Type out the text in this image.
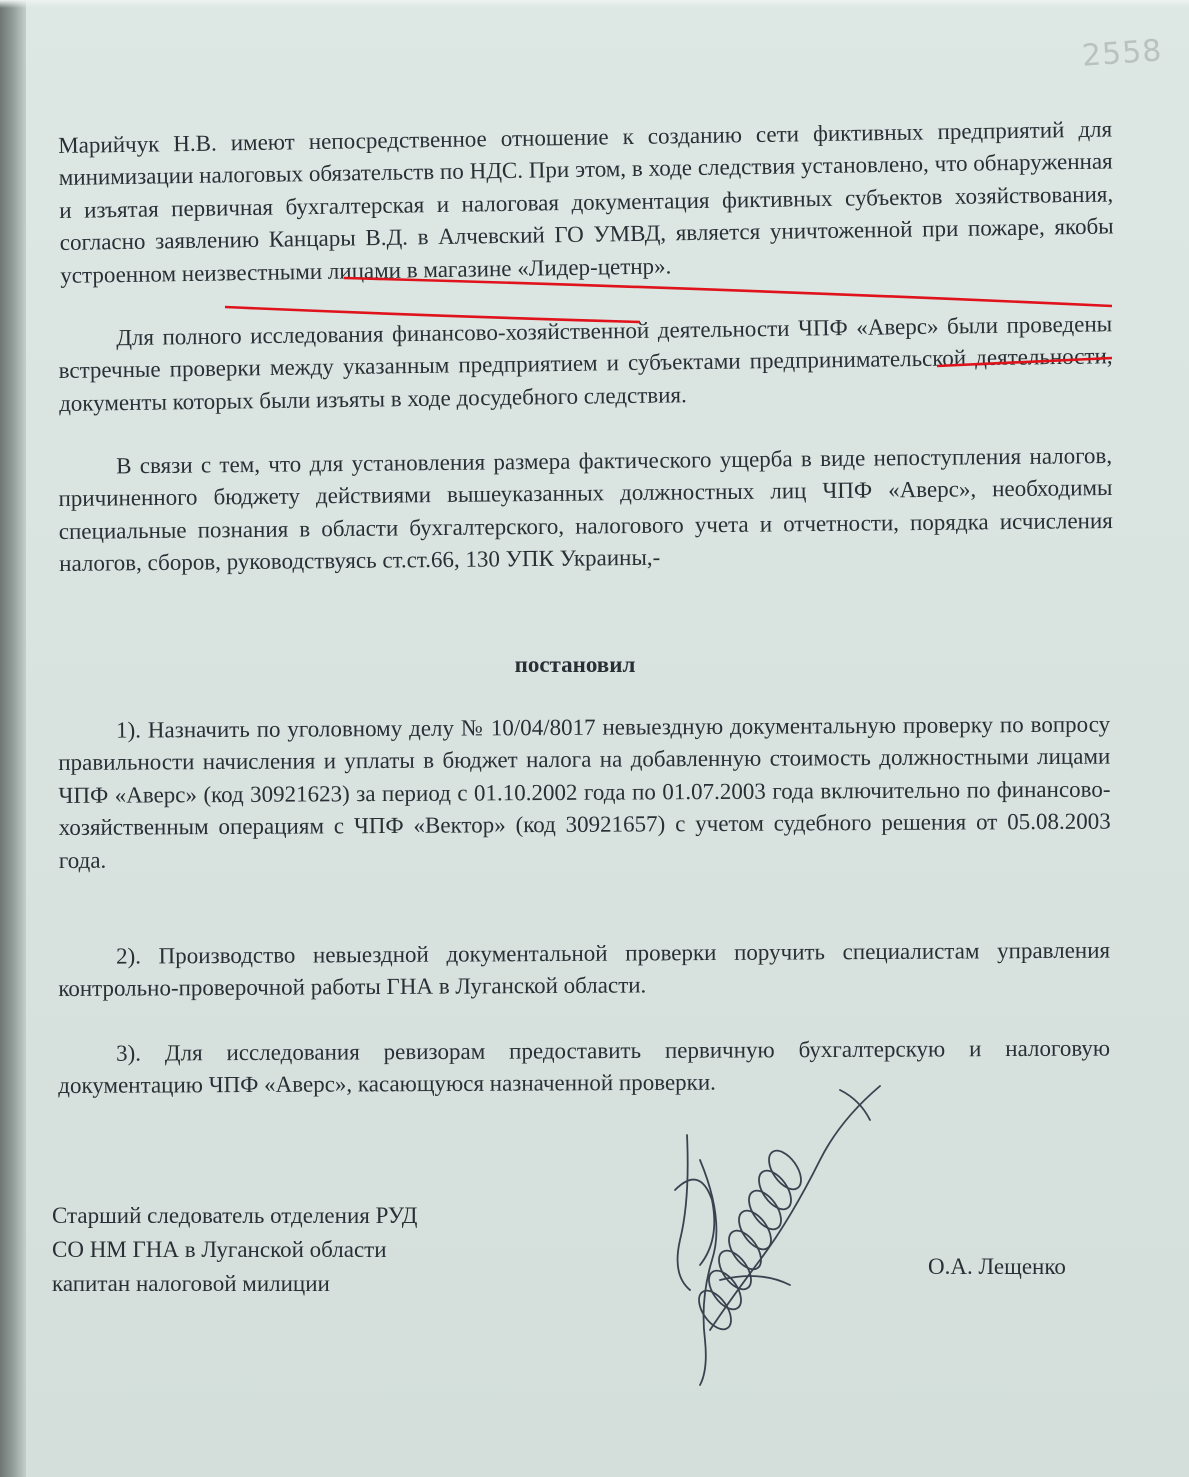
2558
Марийчук Н.В. имеют непосредственное отношение к созданию сети фиктивных предприятий для минимизации налоговых обязательств по НДС. При этом, в ходе следствия установлено, что обнаруженная и изъятая первичная бухгалтерская и налоговая документация фиктивных субъектов хозяйствования, согласно заявлению Канцары В.Д. в Алчевский ГО УМВД, является уничтоженной при пожаре, якобы устроенном неизвестными лицами в магазине «Лидер-цетнр».
Для полного исследования финансово-хозяйственной деятельности ЧПФ «Аверс» были проведены встречные проверки между указанным предприятием и субъектами предпринимательской деятельности, документы которых были изъяты в ходе досудебного следствия.
В связи с тем, что для установления размера фактического ущерба в виде непоступления налогов, причиненного бюджету действиями вышеуказанных должностных лиц ЧПФ «Аверс», необходимы специальные познания в области бухгалтерского, налогового учета и отчетности, порядка исчисления налогов, сборов, руководствуясь ст.ст.66, 130 УПК Украины,-
постановил
1). Назначить по уголовному делу № 10/04/8017 невыездную документальную проверку по вопросу правильности начисления и уплаты в бюджет налога на добавленную стоимость должностными лицами ЧПФ «Аверс» (код 30921623) за период с 01.10.2002 года по 01.07.2003 года включительно по финансово-хозяйственным операциям с ЧПФ «Вектор» (код 30921657) с учетом судебного решения от 05.08.2003 года.
2). Производство невыездной документальной проверки поручить специалистам управления контрольно-проверочной работы ГНА в Луганской области.
3). Для исследования ревизорам предоставить первичную бухгалтерскую и налоговую документацию ЧПФ «Аверс», касающуюся назначенной проверки.
Старший следователь отделения РУД
СО НМ ГНА в Луганской области
капитан налоговой милиции
О.А. Лещенко
